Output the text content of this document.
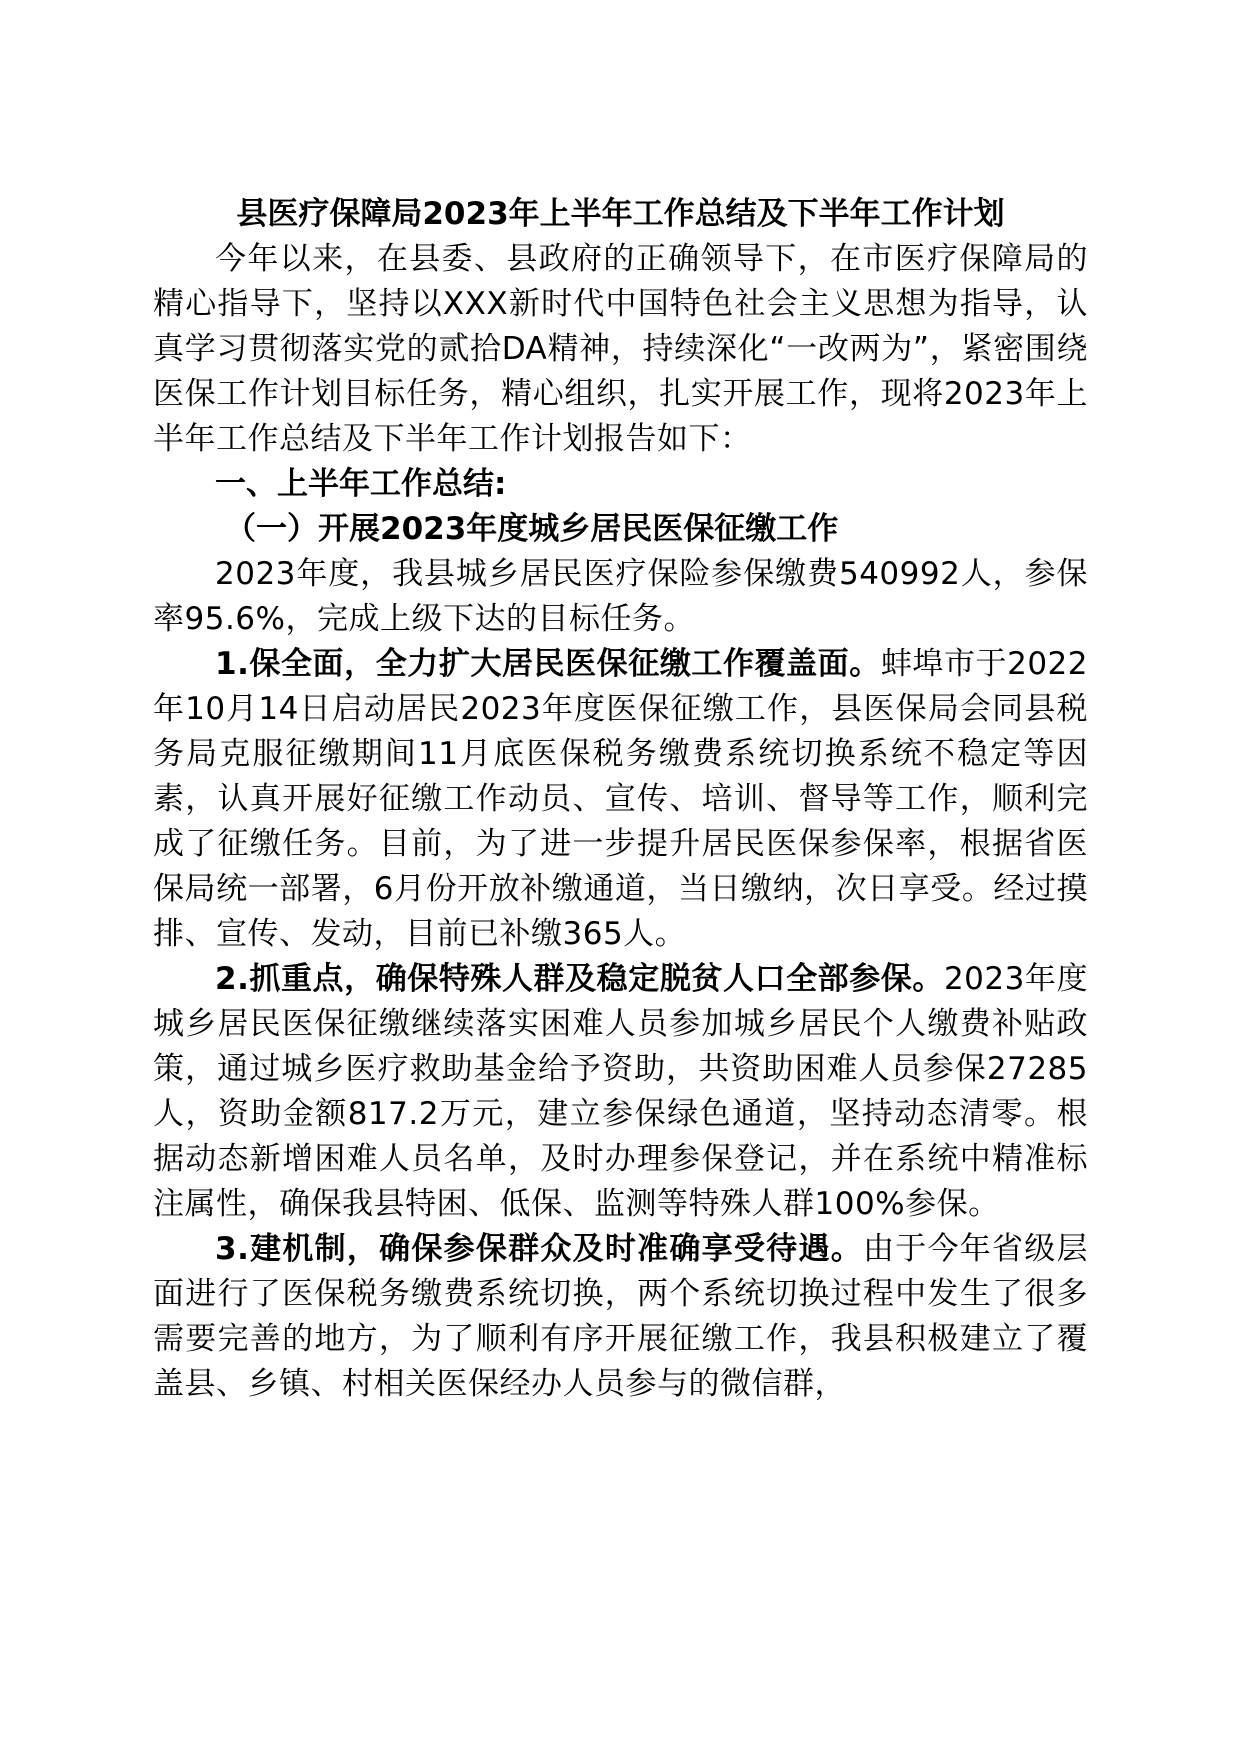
县医疗保障局2023年上半年工作总结及下半年工作计划

今年以来，在县委、县政府的正确领导下，在市医疗保障局的精心指导下，坚持以XXX新时代中国特色社会主义思想为指导，认真学习贯彻落实党的贰拾DA精神，持续深化“一改两为”，紧密围绕医保工作计划目标任务，精心组织，扎实开展工作，现将2023年上半年工作总结及下半年工作计划报告如下：

一、上半年工作总结:

（一）开展2023年度城乡居民医保征缴工作

2023年度，我县城乡居民医疗保险参保缴费540992人，参保率95.6%，完成上级下达的目标任务。

1.保全面，全力扩大居民医保征缴工作覆盖面。蚌埠市于2022年10月14日启动居民2023年度医保征缴工作，县医保局会同县税务局克服征缴期间11月底医保税务缴费系统切换系统不稳定等因素，认真开展好征缴工作动员、宣传、培训、督导等工作，顺利完成了征缴任务。目前，为了进一步提升居民医保参保率，根据省医保局统一部署，6月份开放补缴通道，当日缴纳，次日享受。经过摸排、宣传、发动，目前已补缴365人。

2.抓重点，确保特殊人群及稳定脱贫人口全部参保。2023年度城乡居民医保征缴继续落实困难人员参加城乡居民个人缴费补贴政策，通过城乡医疗救助基金给予资助，共资助困难人员参保27285人，资助金额817.2万元，建立参保绿色通道，坚持动态清零。根据动态新增困难人员名单，及时办理参保登记，并在系统中精准标注属性，确保我县特困、低保、监测等特殊人群100%参保。

3.建机制，确保参保群众及时准确享受待遇。由于今年省级层面进行了医保税务缴费系统切换，两个系统切换过程中发生了很多需要完善的地方，为了顺利有序开展征缴工作，我县积极建立了覆盖县、乡镇、村相关医保经办人员参与的微信群，
